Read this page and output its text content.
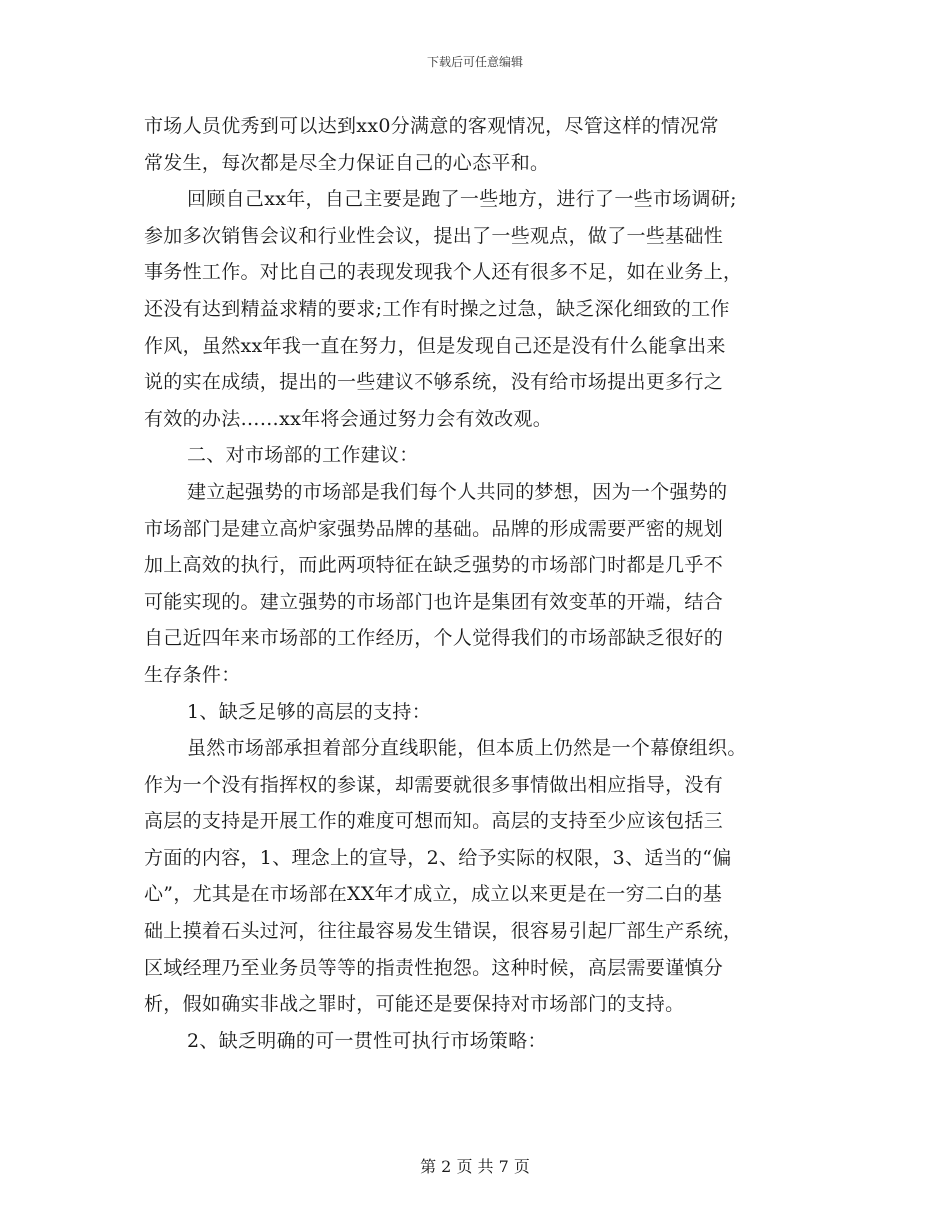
下载后可任意编辑
市场人员优秀到可以达到xx0分满意的客观情况，尽管这样的情况常
常发生，每次都是尽全力保证自己的心态平和。
回顾自己xx年，自己主要是跑了一些地方，进行了一些市场调研;
参加多次销售会议和行业性会议，提出了一些观点，做了一些基础性
事务性工作。对比自己的表现发现我个人还有很多不足，如在业务上，
还没有达到精益求精的要求;工作有时操之过急，缺乏深化细致的工作
作风，虽然xx年我一直在努力，但是发现自己还是没有什么能拿出来
说的实在成绩，提出的一些建议不够系统，没有给市场提出更多行之
有效的办法……xx年将会通过努力会有效改观。
二、对市场部的工作建议：
建立起强势的市场部是我们每个人共同的梦想，因为一个强势的
市场部门是建立高炉家强势品牌的基础。品牌的形成需要严密的规划
加上高效的执行，而此两项特征在缺乏强势的市场部门时都是几乎不
可能实现的。建立强势的市场部门也许是集团有效变革的开端，结合
自己近四年来市场部的工作经历，个人觉得我们的市场部缺乏很好的
生存条件：
1、缺乏足够的高层的支持：
虽然市场部承担着部分直线职能，但本质上仍然是一个幕僚组织。
作为一个没有指挥权的参谋，却需要就很多事情做出相应指导，没有
高层的支持是开展工作的难度可想而知。高层的支持至少应该包括三
方面的内容，1、理念上的宣导，2、给予实际的权限，3、适当的“偏
心”，尤其是在市场部在XX年才成立，成立以来更是在一穷二白的基
础上摸着石头过河，往往最容易发生错误，很容易引起厂部生产系统，
区域经理乃至业务员等等的指责性抱怨。这种时候，高层需要谨慎分
析，假如确实非战之罪时，可能还是要保持对市场部门的支持。
2、缺乏明确的可一贯性可执行市场策略：
第 2 页 共 7 页
